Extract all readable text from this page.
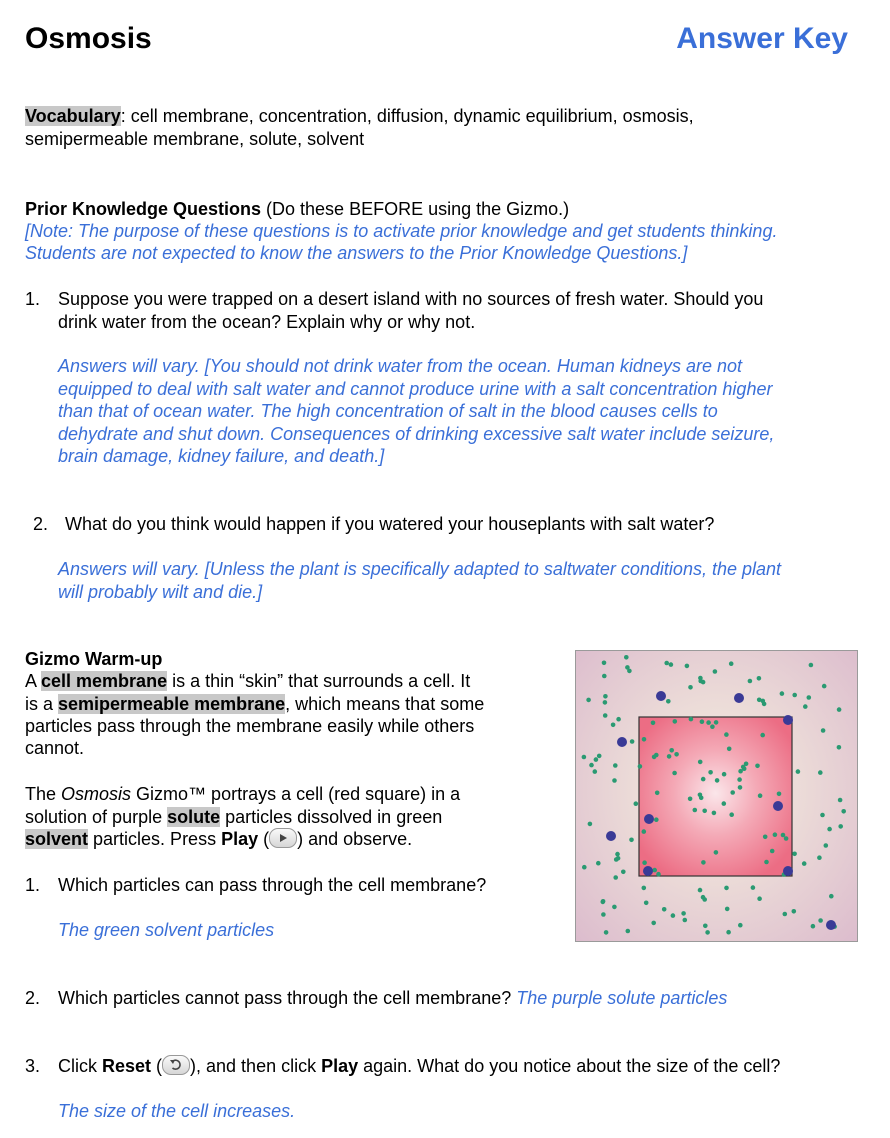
Osmosis	Answer Key
Vocabulary: cell membrane, concentration, diffusion, dynamic equilibrium, osmosis,
semipermeable membrane, solute, solvent
Prior Knowledge Questions (Do these BEFORE using the Gizmo.)
[Note: The purpose of these questions is to activate prior knowledge and get students thinking.
Students are not expected to know the answers to the Prior Knowledge Questions.]
1. Suppose you were trapped on a desert island with no sources of fresh water. Should you
drink water from the ocean? Explain why or why not.
Answers will vary. [You should not drink water from the ocean. Human kidneys are not
equipped to deal with salt water and cannot produce urine with a salt concentration higher
than that of ocean water. The high concentration of salt in the blood causes cells to
dehydrate and shut down. Consequences of drinking excessive salt water include seizure,
brain damage, kidney failure, and death.]
2. What do you think would happen if you watered your houseplants with salt water?
Answers will vary. [Unless the plant is specifically adapted to saltwater conditions, the plant
will probably wilt and die.]
Gizmo Warm-up
A cell membrane is a thin “skin” that surrounds a cell. It
is a semipermeable membrane, which means that some
particles pass through the membrane easily while others
cannot.
The Osmosis Gizmo™ portrays a cell (red square) in a
solution of purple solute particles dissolved in green
solvent particles. Press Play ( ) and observe.
1. Which particles can pass through the cell membrane?
The green solvent particles
2. Which particles cannot pass through the cell membrane? The purple solute particles
3. Click Reset ( ), and then click Play again. What do you notice about the size of the cell?
The size of the cell increases.
